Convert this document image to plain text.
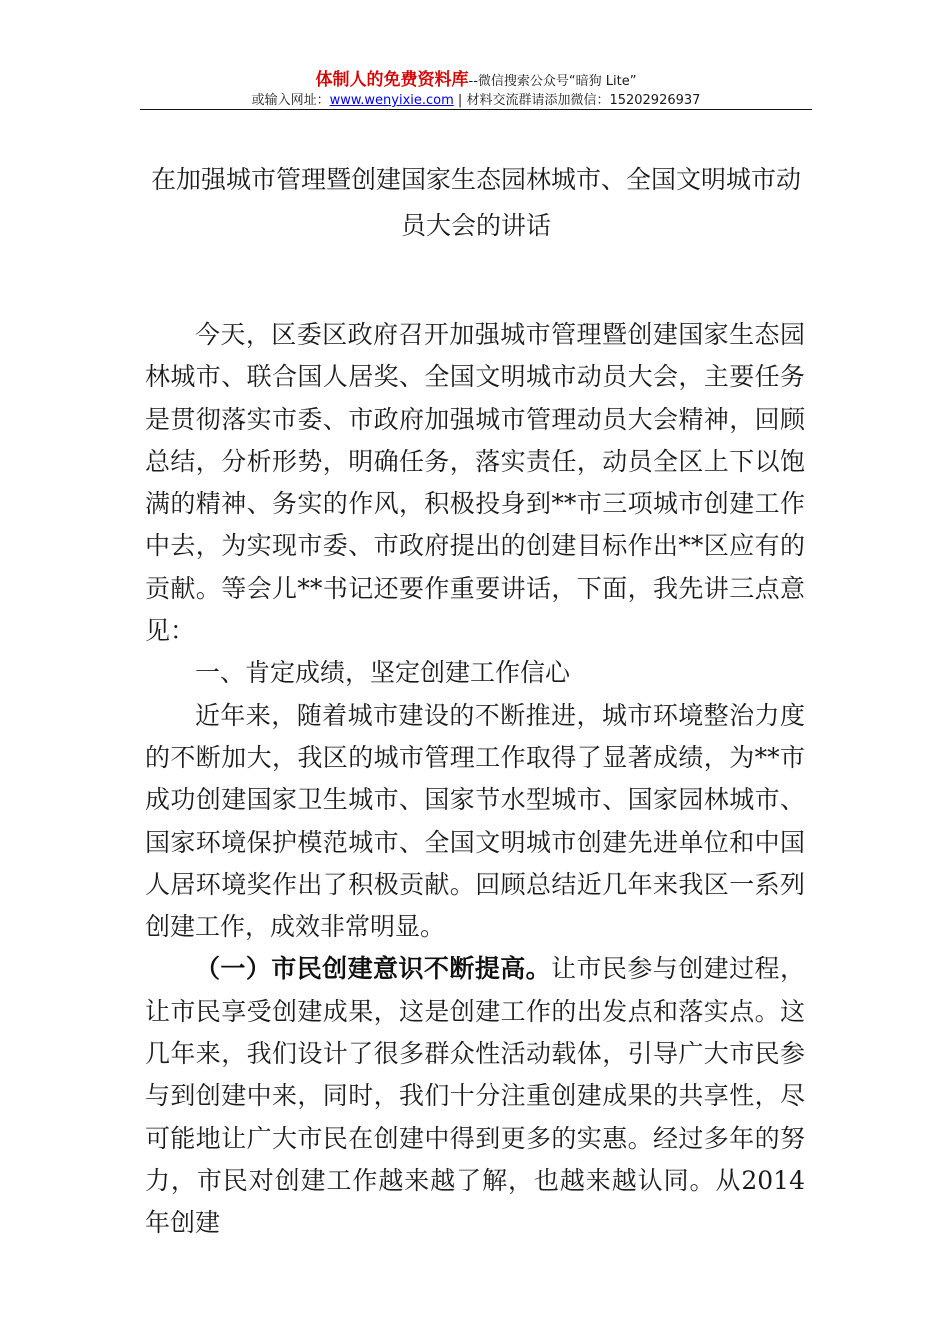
体制人的免费资料库--微信搜索公众号“暗狗 Lite”
或输入网址：www.wenyixie.com | 材料交流群请添加微信：15202926937
在加强城市管理暨创建国家生态园林城市、全国文明城市动员大会的讲话

今天，区委区政府召开加强城市管理暨创建国家生态园林城市、联合国人居奖、全国文明城市动员大会，主要任务是贯彻落实市委、市政府加强城市管理动员大会精神，回顾总结，分析形势，明确任务，落实责任，动员全区上下以饱满的精神、务实的作风，积极投身到**市三项城市创建工作中去，为实现市委、市政府提出的创建目标作出**区应有的贡献。等会儿**书记还要作重要讲话，下面，我先讲三点意见：

一、肯定成绩，坚定创建工作信心

近年来，随着城市建设的不断推进，城市环境整治力度的不断加大，我区的城市管理工作取得了显著成绩，为**市成功创建国家卫生城市、国家节水型城市、国家园林城市、国家环境保护模范城市、全国文明城市创建先进单位和中国人居环境奖作出了积极贡献。回顾总结近几年来我区一系列创建工作，成效非常明显。

（一）市民创建意识不断提高。让市民参与创建过程，让市民享受创建成果，这是创建工作的出发点和落实点。这几年来，我们设计了很多群众性活动载体，引导广大市民参与到创建中来，同时，我们十分注重创建成果的共享性，尽可能地让广大市民在创建中得到更多的实惠。经过多年的努力，市民对创建工作越来越了解，也越来越认同。从2014年创建
